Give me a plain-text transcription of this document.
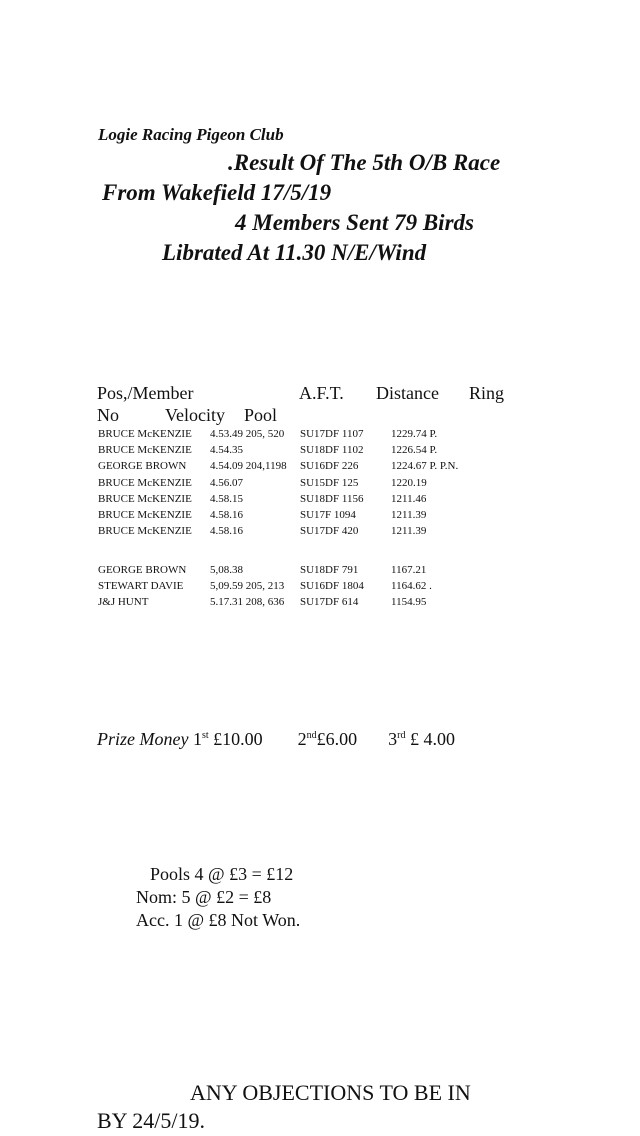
Logie Racing Pigeon Club
.Result Of The 5th O/B Race
From Wakefield 17/5/19
4 Members Sent 79 Birds
Librated At 11.30 N/E/Wind
Pos,/Member	A.F.T. Distance Ring
No	Velocity Pool
BRUCE McKENZIE 4.53.49 205, 520 SU17DF 1107	1229.74 P.
BRUCE McKENZIE 4.54.35	SU18DF 1102	1226.54 P.
GEORGE BROWN 4.54.09 204,1198 SU16DF 226	1224.67 P. P.N.
BRUCE McKENZIE 4.56.07	SU15DF 125	1220.19
BRUCE McKENZIE 4.58.15	SU18DF 1156	1211.46
BRUCE McKENZIE 4.58.16	SU17F 1094	1211.39
BRUCE McKENZIE 4.58.16	SU17DF 420	1211.39
GEORGE BROWN 5,08.38	SU18DF 791	1167.21
STEWART DAVIE 5,09.59 205, 213 SU16DF 1804 1164.62 .
J&J HUNT	5.17.31 208, 636 SU17DF 614	1154.95
Prize Money 1st £10.00 2nd£6.00 3rd £ 4.00
Pools 4 @ £3 = £12
Nom: 5 @ £2 = £8
Acc. 1 @ £8 Not Won.
ANY OBJECTIONS TO BE IN
BY 24/5/19.
